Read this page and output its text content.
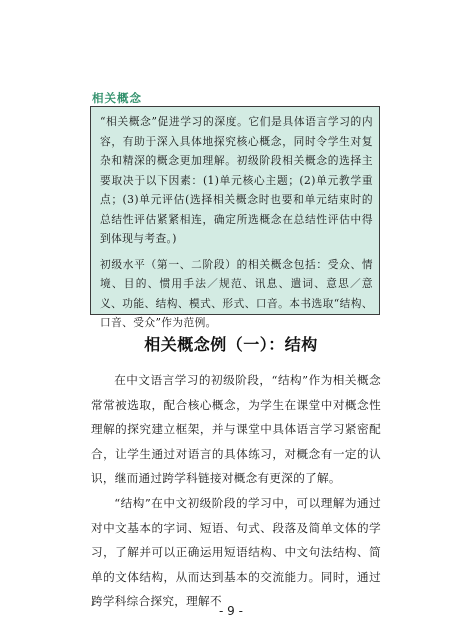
相关概念

“相关概念”促进学习的深度。它们是具体语言学习的内容，有助于深入具体地探究核心概念，同时令学生对复杂和精深的概念更加理解。初级阶段相关概念的选择主要取决于以下因素：(1)单元核心主题；(2)单元教学重点；(3)单元评估(选择相关概念时也要和单元结束时的总结性评估紧紧相连，确定所选概念在总结性评估中得到体现与考查。)

初级水平（第一、二阶段）的相关概念包括：受众、情境、目的、惯用手法／规范、讯息、遣词、意思／意义、功能、结构、模式、形式、口音。本书选取“结构、口音、受众”作为范例。

相关概念例（一）：结构

在中文语言学习的初级阶段，“结构”作为相关概念常常被选取，配合核心概念，为学生在课堂中对概念性理解的探究建立框架，并与课堂中具体语言学习紧密配合，让学生通过对语言的具体练习，对概念有一定的认识，继而通过跨学科链接对概念有更深的了解。

“结构”在中文初级阶段的学习中，可以理解为通过对中文基本的字词、短语、句式、段落及简单文体的学习，了解并可以正确运用短语结构、中文句法结构、简单的文体结构，从而达到基本的交流能力。同时，通过跨学科综合探究，理解不

- 9 -
